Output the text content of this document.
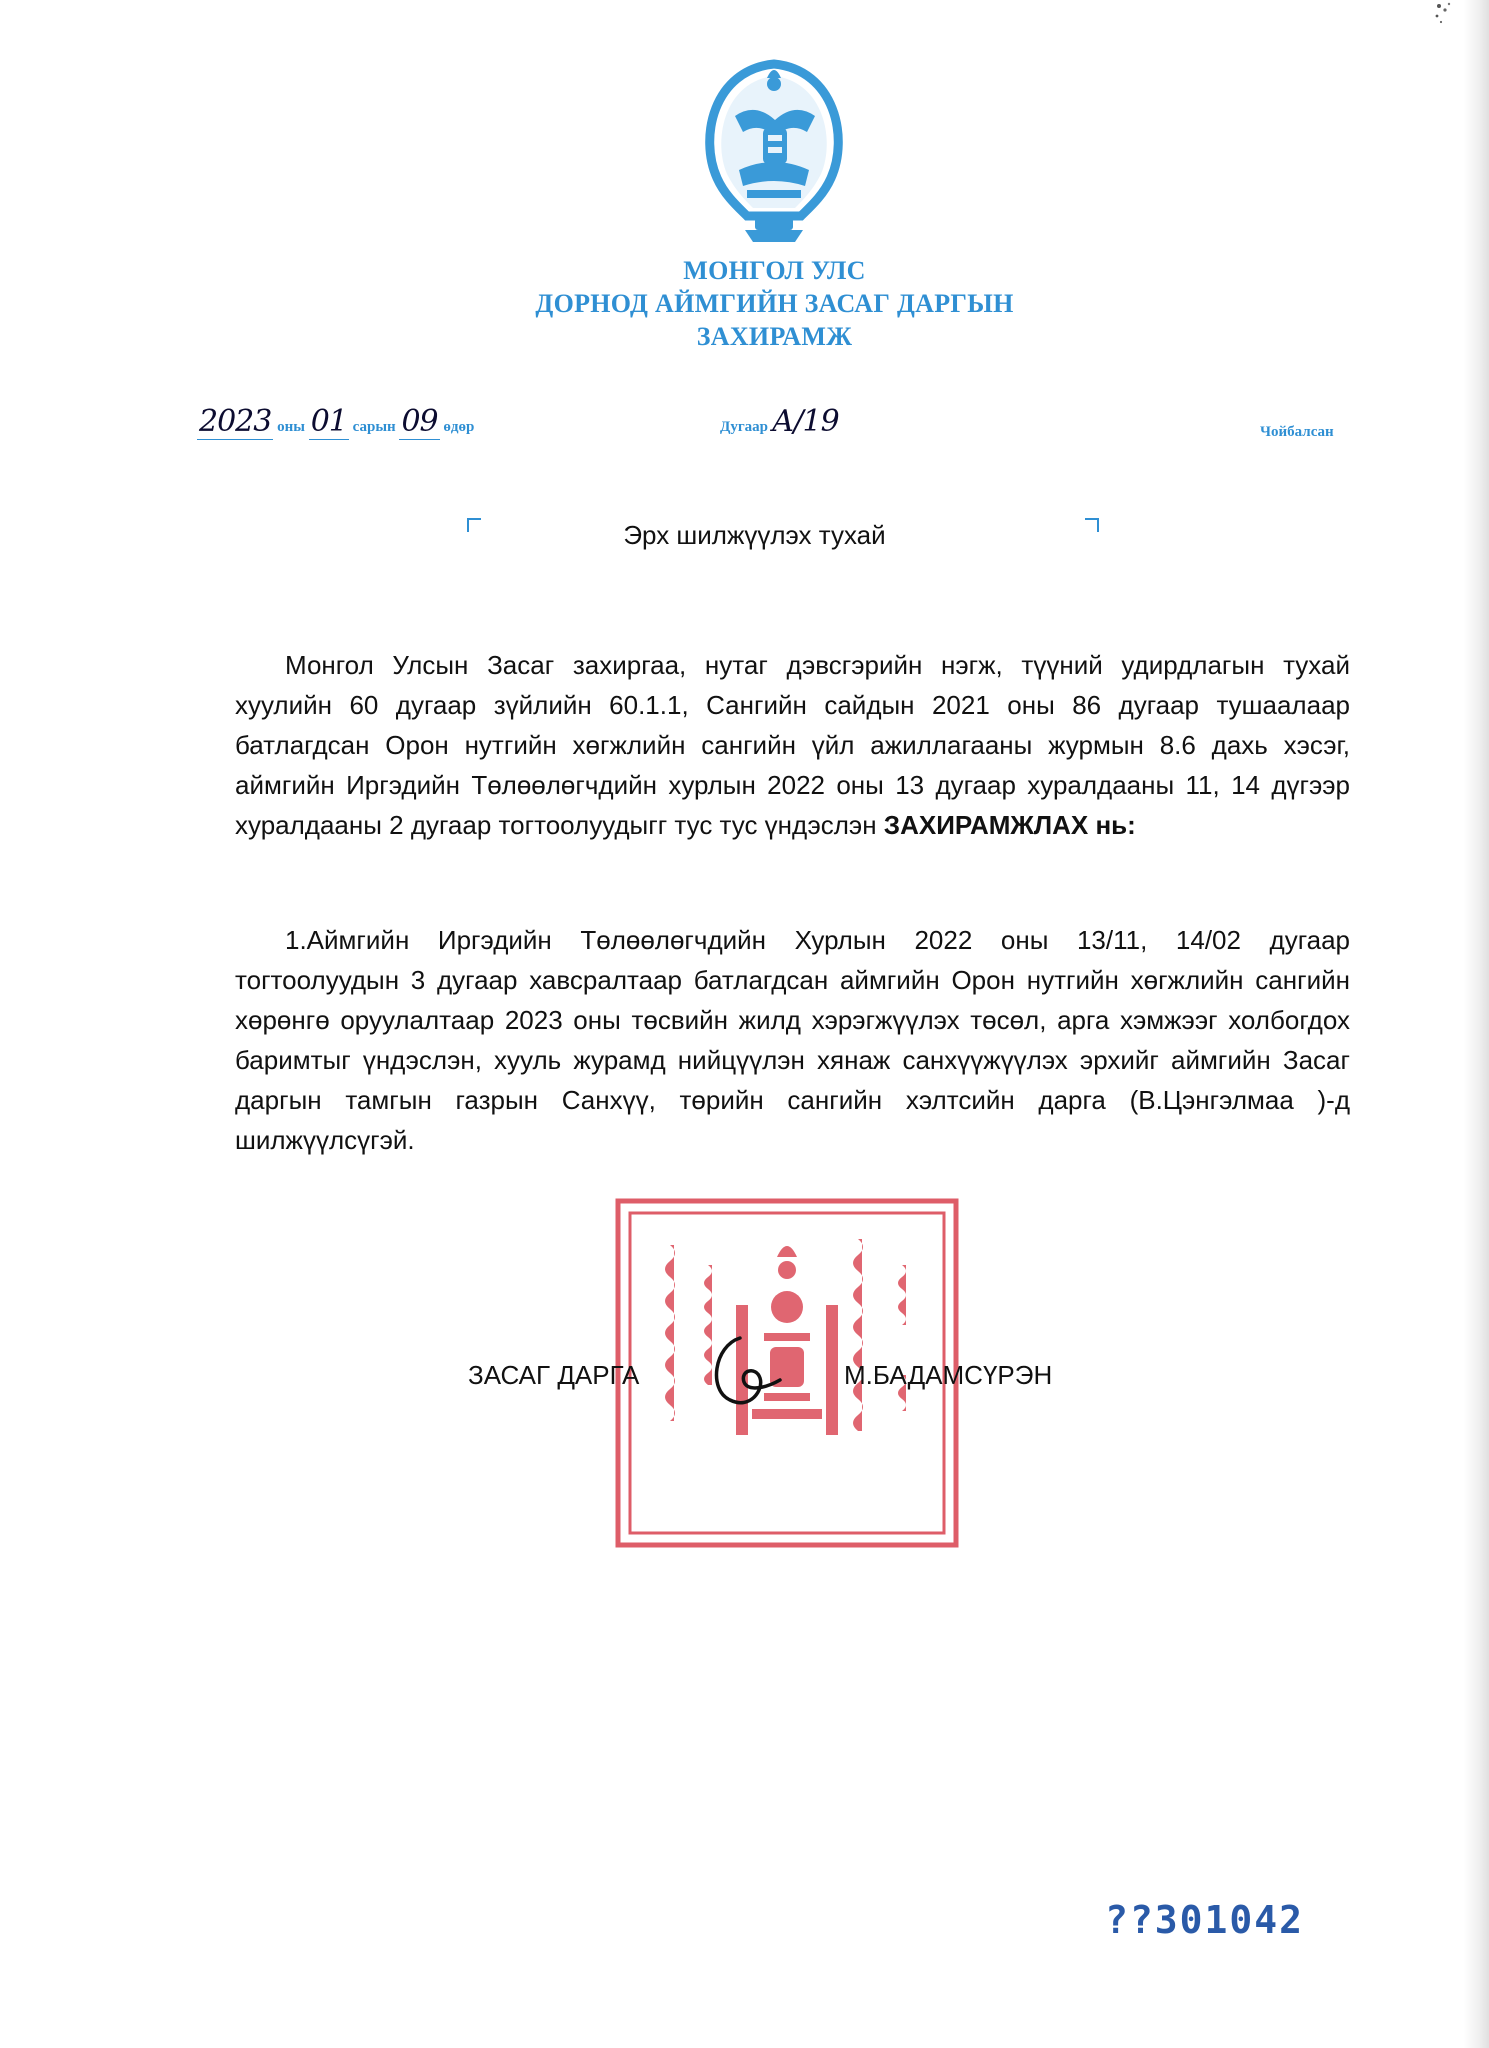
МОНГОЛ УЛС
ДОРНОД АЙМГИЙН ЗАСАГ ДАРГЫН
ЗАХИРАМЖ
2023 оны 01 сарын 09 өдөр	Дугаар А/19	Чойбалсан
Эрх шилжүүлэх тухай
Монгол Улсын Засаг захиргаа, нутаг дэвсгэрийн нэгж, түүний удирдлагын тухай хуулийн 60 дугаар зүйлийн 60.1.1, Сангийн сайдын 2021 оны 86 дугаар тушаалаар батлагдсан Орон нутгийн хөгжлийн сангийн үйл ажиллагааны журмын 8.6 дахь хэсэг, аймгийн Иргэдийн Төлөөлөгчдийн хурлын 2022 оны 13 дугаар хуралдааны 11, 14 дүгээр хуралдааны 2 дугаар тогтоолуудыгг тус тус үндэслэн ЗАХИРАМЖЛАХ нь:
1.Аймгийн Иргэдийн Төлөөлөгчдийн Хурлын 2022 оны 13/11, 14/02 дугаар тогтоолуудын 3 дугаар хавсралтаар батлагдсан аймгийн Орон нутгийн хөгжлийн сангийн хөрөнгө оруулалтаар 2023 оны төсвийн жилд хэрэгжүүлэх төсөл, арга хэмжээг холбогдох баримтыг үндэслэн, хууль журамд нийцүүлэн хянаж санхүүжүүлэх эрхийг аймгийн Засаг даргын тамгын газрын Санхүү, төрийн сангийн хэлтсийн дарга (В.Цэнгэлмаа )-д шилжүүлсүгэй.
ЗАСАГ ДАРГА	М.БАДАМСҮРЭН
??301042
